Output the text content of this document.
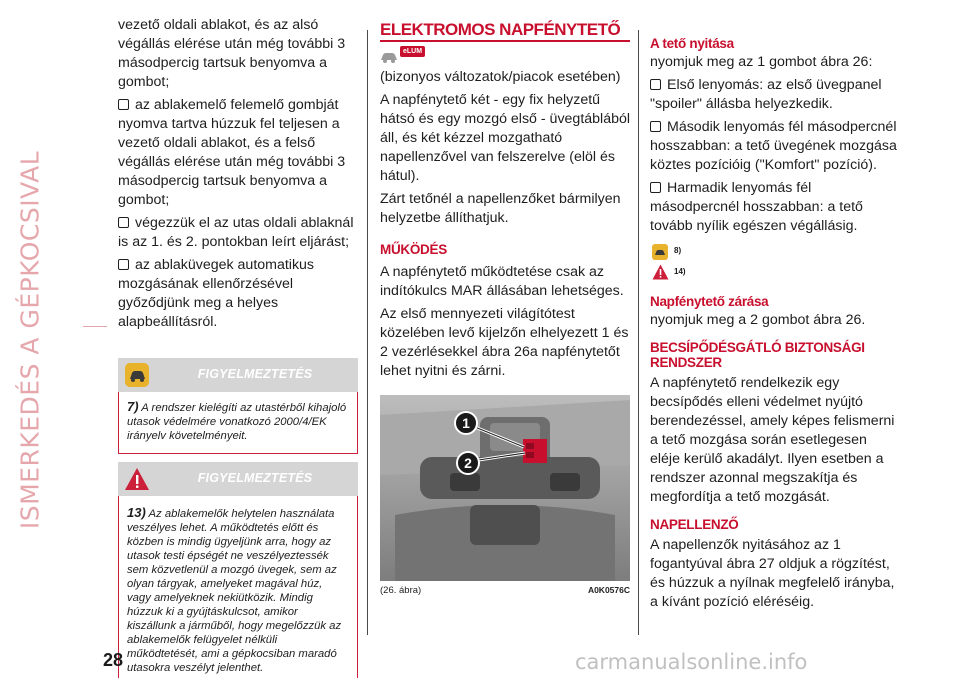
ISMERKEDÉS A GÉPKOCSIVAL

vezető oldali ablakot, és az alsó végállás elérése után még további 3 másodpercig tartsuk benyomva a gombot;

az ablakemelő felemelő gombját nyomva tartva húzzuk fel teljesen a vezető oldali ablakot, és a felső végállás elérése után még további 3 másodpercig tartsuk benyomva a gombot;

végezzük el az utas oldali ablaknál is az 1. és 2. pontokban leírt eljárást;

az ablaküvegek automatikus mozgásának ellenőrzésével győződjünk meg a helyes alapbeállításról.

FIGYELMEZTETÉS
7) A rendszer kielégíti az utastérből kihajoló utasok védelmére vonatkozó 2000/4/EK irányelv követelményeit.
FIGYELMEZTETÉS
13) Az ablakemelők helytelen használata veszélyes lehet. A működtetés előtt és közben is mindig ügyeljünk arra, hogy az utasok testi épségét ne veszélyeztessék sem közvetlenül a mozgó üvegek, sem az olyan tárgyak, amelyeket magával húz, vagy amelyeknek nekiütközik. Mindig húzzuk ki a gyújtáskulcsot, amikor kiszállunk a járműből, hogy megelőzzük az ablakemelők felügyelet nélküli működtetését, ami a gépkocsiban maradó utasokra veszélyt jelenthet.
ELEKTROMOS NAPFÉNYTETŐ
eLUM

(bizonyos változatok/piacok esetében)

A napfénytető két - egy fix helyzetű hátsó és egy mozgó első - üvegtáblából áll, és két kézzel mozgatható napellenzővel van felszerelve (elöl és hátul).

Zárt tetőnél a napellenzőket bármilyen helyzetbe állíthatjuk.

MŰKÖDÉS

A napfénytető működtetése csak az indítókulcs MAR állásában lehetséges.

Az első mennyezeti világítótest közelében levő kijelzőn elhelyezett 1 és 2 vezérlésekkel ábra 26a napfénytetőt lehet nyitni és zárni.

1
2
(26. ábra)	A0K0576C
A tető nyitása

nyomjuk meg az 1 gombot ábra 26:

Első lenyomás: az első üvegpanel "spoiler" állásba helyezkedik.

Második lenyomás fél másodpercnél hosszabban: a tető üvegének mozgása köztes pozícióig ("Komfort" pozíció).

Harmadik lenyomás fél másodpercnél hosszabban: a tető tovább nyílik egészen végállásig.

8)
14)
Napfénytető zárása

nyomjuk meg a 2 gombot ábra 26.

BECSÍPŐDÉSGÁTLÓ BIZTONSÁGI RENDSZER

A napfénytető rendelkezik egy becsípődés elleni védelmet nyújtó berendezéssel, amely képes felismerni a tető mozgása során esetlegesen eléje kerülő akadályt. Ilyen esetben a rendszer azonnal megszakítja és megfordítja a tető mozgását.

NAPELLENZŐ

A napellenzők nyitásához az 1 fogantyúval ábra 27 oldjuk a rögzítést, és húzzuk a nyílnak megfelelő irányba, a kívánt pozíció eléréséig.

28	carmanualsonline.info
